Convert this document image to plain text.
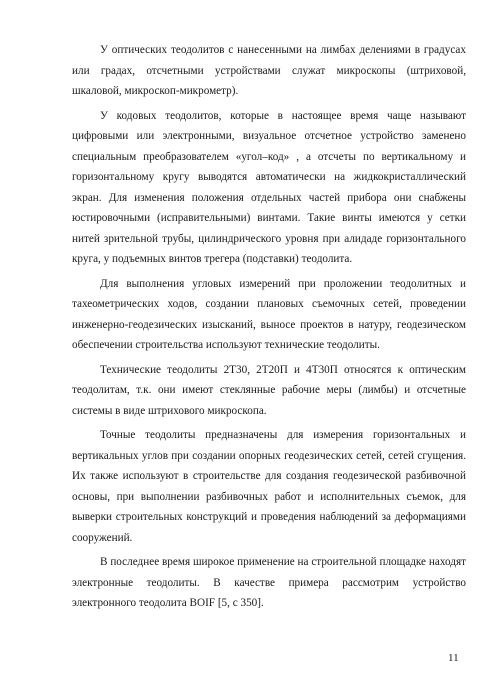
У оптических теодолитов с нанесенными на лимбах делениями в градусах или градах, отсчетными устройствами служат микроскопы (штриховой, шкаловой, микроскоп-микрометр).

У кодовых теодолитов, которые в настоящее время чаще называют цифровыми или электронными, визуальное отсчетное устройство заменено специальным преобразователем «угол–код» , а отсчеты по вертикальному и горизонтальному кругу выводятся автоматически на жидкокристаллический экран. Для изменения положения отдельных частей прибора они снабжены юстировочными (исправительными) винтами. Такие винты имеются у сетки нитей зрительной трубы, цилиндрического уровня при алидаде горизонтального круга, у подъемных винтов трегера (подставки) теодолита.

Для выполнения угловых измерений при проложении теодолитных и тахеометрических ходов, создании плановых съемочных сетей, проведении инженерно-геодезических изысканий, выносе проектов в натуру, геодезическом обеспечении строительства используют технические теодолиты.

Технические теодолиты 2Т30, 2Т20П и 4Т30П относятся к оптическим теодолитам, т.к. они имеют стеклянные рабочие меры (лимбы) и отсчетные системы в виде штрихового микроскопа.

Точные теодолиты предназначены для измерения горизонтальных и вертикальных углов при создании опорных геодезических сетей, сетей сгущения. Их также используют в строительстве для создания геодезической разбивочной основы, при выполнении разбивочных работ и исполнительных съемок, для выверки строительных конструкций и проведения наблюдений за деформациями сооружений.

В последнее время широкое применение на строительной площадке находят электронные теодолиты. В качестве примера рассмотрим устройство электронного теодолита BOIF [5, с 350].

11
